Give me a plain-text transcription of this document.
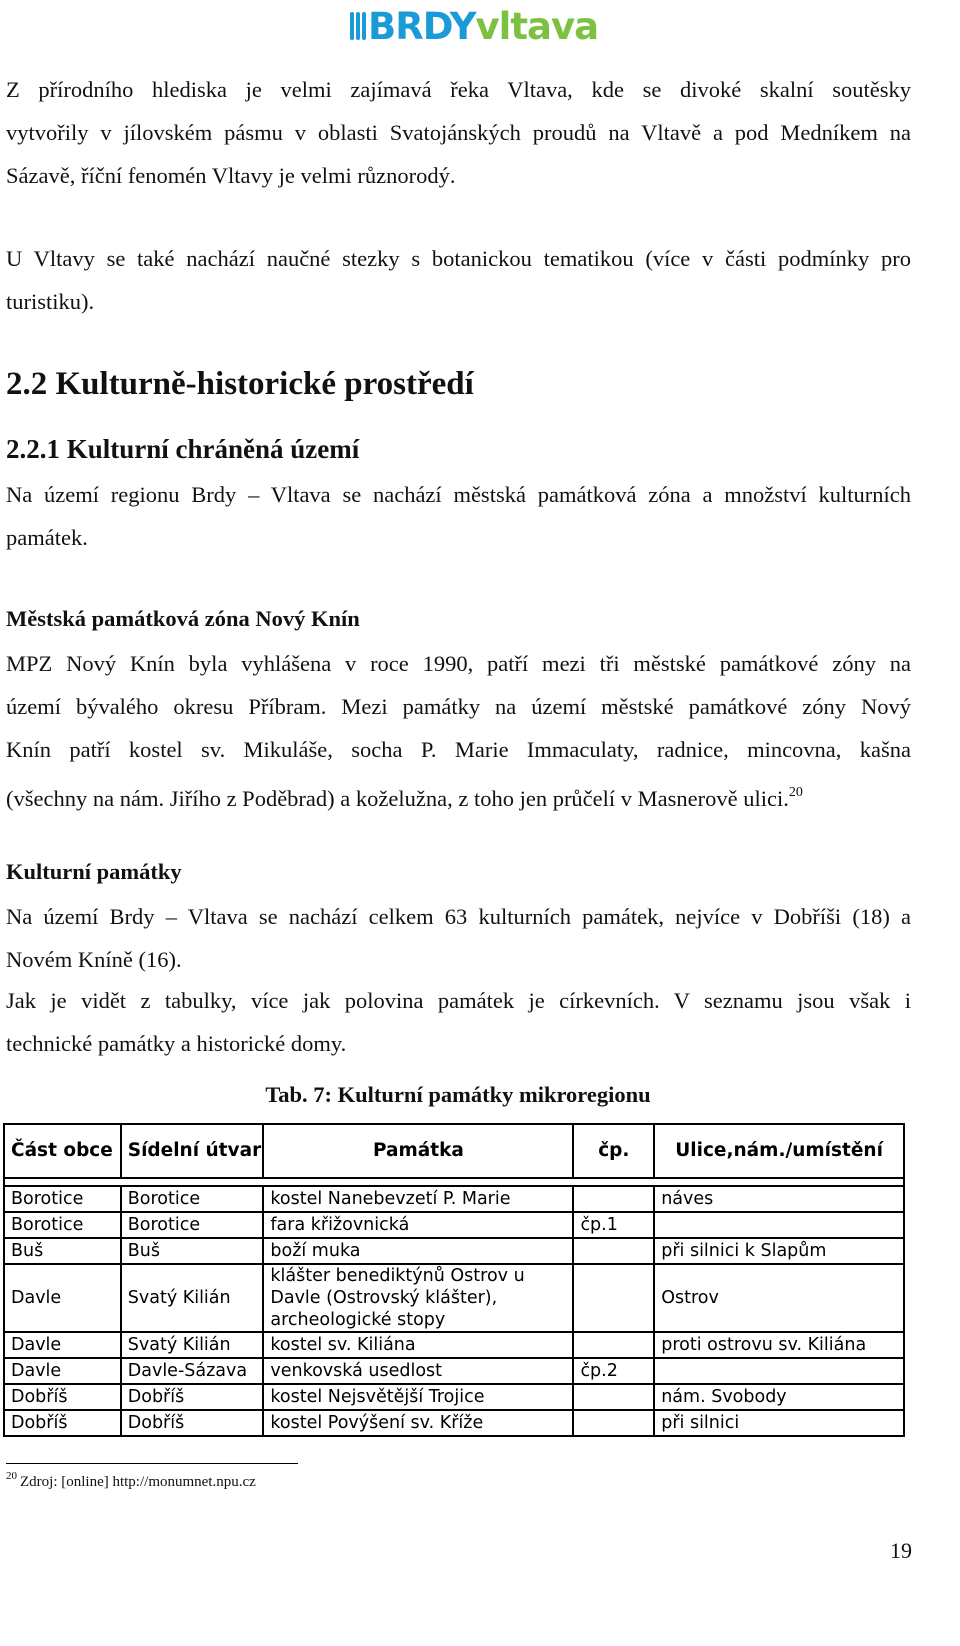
BRDY vltava
Z přírodního hlediska je velmi zajímavá řeka Vltava, kde se divoké skalní soutěsky
vytvořily v jílovském pásmu v oblasti Svatojánských proudů na Vltavě a pod Medníkem na
Sázavě, říční fenomén Vltavy je velmi různorodý.
U Vltavy se také nachází naučné stezky s botanickou tematikou (více v části podmínky pro
turistiku).
2.2 Kulturně-historické prostředí
2.2.1 Kulturní chráněná území
Na území regionu Brdy – Vltava se nachází městská památková zóna a množství kulturních
památek.
Městská památková zóna Nový Knín
MPZ Nový Knín byla vyhlášena v roce 1990, patří mezi tři městské památkové zóny na
území bývalého okresu Příbram. Mezi památky na území městské památkové zóny Nový
Knín patří kostel sv. Mikuláše, socha P. Marie Immaculaty, radnice, mincovna, kašna
(všechny na nám. Jiřího z Poděbrad) a koželužna, z toho jen průčelí v Masnerově ulici.$^{20}$
Kulturní památky
Na území Brdy – Vltava se nachází celkem 63 kulturních památek, nejvíce v Dobříši (18) a
Novém Kníně (16).
Jak je vidět z tabulky, více jak polovina památek je církevních. V seznamu jsou však i
technické památky a historické domy.
Tab. 7: Kulturní památky mikroregionu
Část obce	Sídelní útvar	Památka	čp.	Ulice,nám./umístění

Borotice	Borotice	kostel Nanebevzetí P. Marie		náves
Borotice	Borotice	fara křižovnická	čp.1	
Buš	Buš	boží muka		při silnici k Slapům
Davle	Svatý Kilián	klášter benediktýnů Ostrov u Davle (Ostrovský klášter), archeologické stopy		Ostrov
Davle	Svatý Kilián	kostel sv. Kiliána		proti ostrovu sv. Kiliána
Davle	Davle-Sázava	venkovská usedlost	čp.2	
Dobříš	Dobříš	kostel Nejsvětější Trojice		nám. Svobody
Dobříš	Dobříš	kostel Povýšení sv. Kříže		při silnici
$^{20}$ Zdroj: [online] http://monumnet.npu.cz
19
